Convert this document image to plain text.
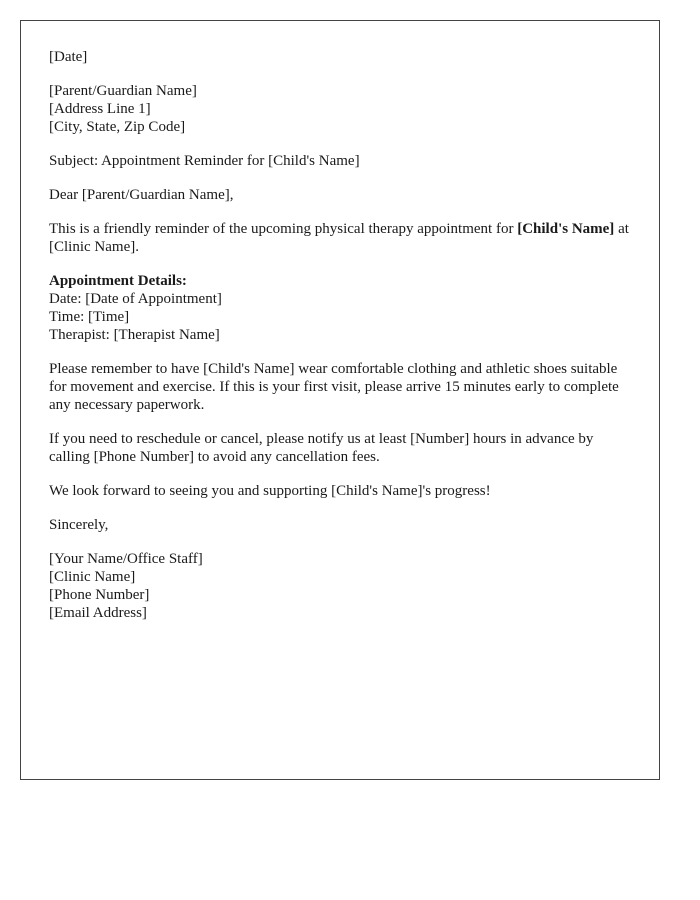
[Date]

[Parent/Guardian Name]
[Address Line 1]
[City, State, Zip Code]

Subject: Appointment Reminder for [Child's Name]

Dear [Parent/Guardian Name],

This is a friendly reminder of the upcoming physical therapy appointment for [Child's Name] at [Clinic Name].

Appointment Details:
Date: [Date of Appointment]
Time: [Time]
Therapist: [Therapist Name]

Please remember to have [Child's Name] wear comfortable clothing and athletic shoes suitable for movement and exercise. If this is your first visit, please arrive 15 minutes early to complete any necessary paperwork.

If you need to reschedule or cancel, please notify us at least [Number] hours in advance by calling [Phone Number] to avoid any cancellation fees.

We look forward to seeing you and supporting [Child's Name]'s progress!

Sincerely,

[Your Name/Office Staff]
[Clinic Name]
[Phone Number]
[Email Address]
